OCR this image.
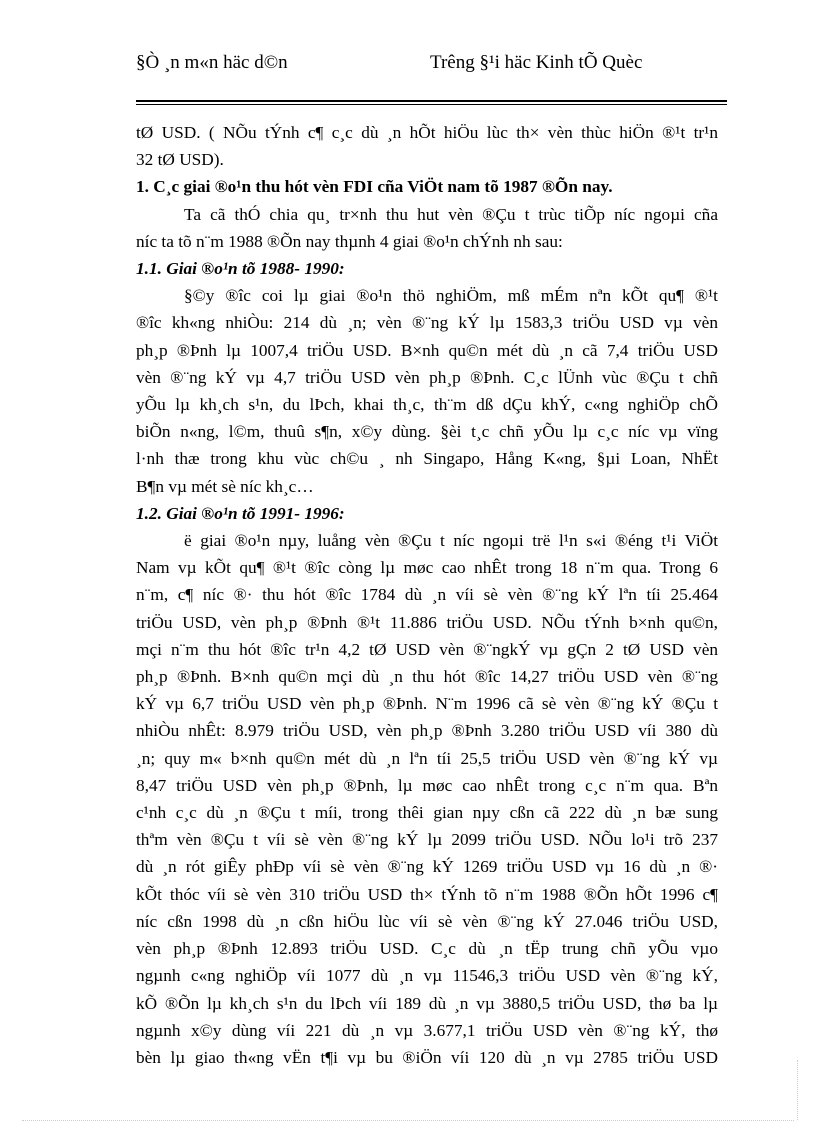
§Ò ¸n m«n häc d©n	Trêng §¹i häc Kinh tÕ Quèc

tØ USD. ( NÕu tÝnh c¶ c¸c dù ¸n hÕt hiÖu lùc th× vèn thùc hiÖn ®¹t tr¹n

32 tØ USD).

1. C¸c giai ®o¹n thu hót vèn FDI cña ViÖt nam tõ 1987 ®Õn nay.

Ta cã thÓ chia qu¸ tr×nh thu hut vèn ®Çu t trùc tiÕp níc ngoµi cña

níc ta tõ n¨m 1988 ®Õn nay thµnh 4 giai ®o¹n chÝnh nh sau:

1.1. Giai ®o¹n tõ 1988- 1990:

§©y ®îc coi lµ giai ®o¹n thö nghiÖm, mß mÉm nªn kÕt qu¶ ®¹t

®îc kh«ng nhiÒu: 214 dù ¸n; vèn ®¨ng kÝ lµ 1583,3 triÖu USD vµ vèn

ph¸p ®Þnh lµ 1007,4 triÖu USD. B×nh qu©n mét dù ¸n cã 7,4 triÖu USD

vèn ®¨ng kÝ vµ 4,7 triÖu USD vèn ph¸p ®Þnh. C¸c lÜnh vùc ®Çu t chñ

yÕu lµ kh¸ch s¹n, du lÞch, khai th¸c, th¨m dß dÇu khÝ, c«ng nghiÖp chÕ

biÕn n«ng, l©m, thuû s¶n, x©y dùng. §èi t¸c chñ yÕu lµ c¸c níc vµ vïng

l·nh thæ trong khu vùc ch©u ¸ nh Singapo, Hång K«ng, §µi Loan, NhËt

B¶n vµ mét sè níc kh¸c…

1.2. Giai ®o¹n tõ 1991- 1996:

ë giai ®o¹n nµy, luång vèn ®Çu t níc ngoµi trë l¹n s«i ®éng t¹i ViÖt

Nam vµ kÕt qu¶ ®¹t ®îc còng lµ møc cao nhÊt trong 18 n¨m qua. Trong 6

n¨m, c¶ níc ®· thu hót ®îc 1784 dù ¸n víi sè vèn ®¨ng kÝ lªn tíi 25.464

triÖu USD, vèn ph¸p ®Þnh ®¹t 11.886 triÖu USD. NÕu tÝnh b×nh qu©n,

mçi n¨m thu hót ®îc tr¹n 4,2 tØ USD vèn ®¨ngkÝ vµ gÇn 2 tØ USD vèn

ph¸p ®Þnh. B×nh qu©n mçi dù ¸n thu hót ®îc 14,27 triÖu USD vèn ®¨ng

kÝ vµ 6,7 triÖu USD vèn ph¸p ®Þnh. N¨m 1996 cã sè vèn ®¨ng kÝ ®Çu t

nhiÒu nhÊt: 8.979 triÖu USD, vèn ph¸p ®Þnh 3.280 triÖu USD víi 380 dù

¸n; quy m« b×nh qu©n mét dù ¸n lªn tíi 25,5 triÖu USD vèn ®¨ng kÝ vµ

8,47 triÖu USD vèn ph¸p ®Þnh, lµ møc cao nhÊt trong c¸c n¨m qua. Bªn

c¹nh c¸c dù ¸n ®Çu t míi, trong thêi gian nµy cßn cã 222 dù ¸n bæ sung

thªm vèn ®Çu t víi sè vèn ®¨ng kÝ lµ 2099 triÖu USD. NÕu lo¹i trõ 237

dù ¸n rót giÊy phÐp víi sè vèn ®¨ng kÝ 1269 triÖu USD vµ 16 dù ¸n ®·

kÕt thóc víi sè vèn 310 triÖu USD th× tÝnh tõ n¨m 1988 ®Õn hÕt 1996 c¶

níc cßn 1998 dù ¸n cßn hiÖu lùc víi sè vèn ®¨ng kÝ 27.046 triÖu USD,

vèn ph¸p ®Þnh 12.893 triÖu USD. C¸c dù ¸n tËp trung chñ yÕu vµo

ngµnh c«ng nghiÖp víi 1077 dù ¸n vµ 11546,3 triÖu USD vèn ®¨ng kÝ,

kÕ ®Õn lµ kh¸ch s¹n du lÞch víi 189 dù ¸n vµ 3880,5 triÖu USD, thø ba lµ

ngµnh x©y dùng víi 221 dù ¸n vµ 3.677,1 triÖu USD vèn ®¨ng kÝ, thø

bèn lµ giao th«ng vËn t¶i vµ bu ®iÖn víi 120 dù ¸n vµ 2785 triÖu USD
